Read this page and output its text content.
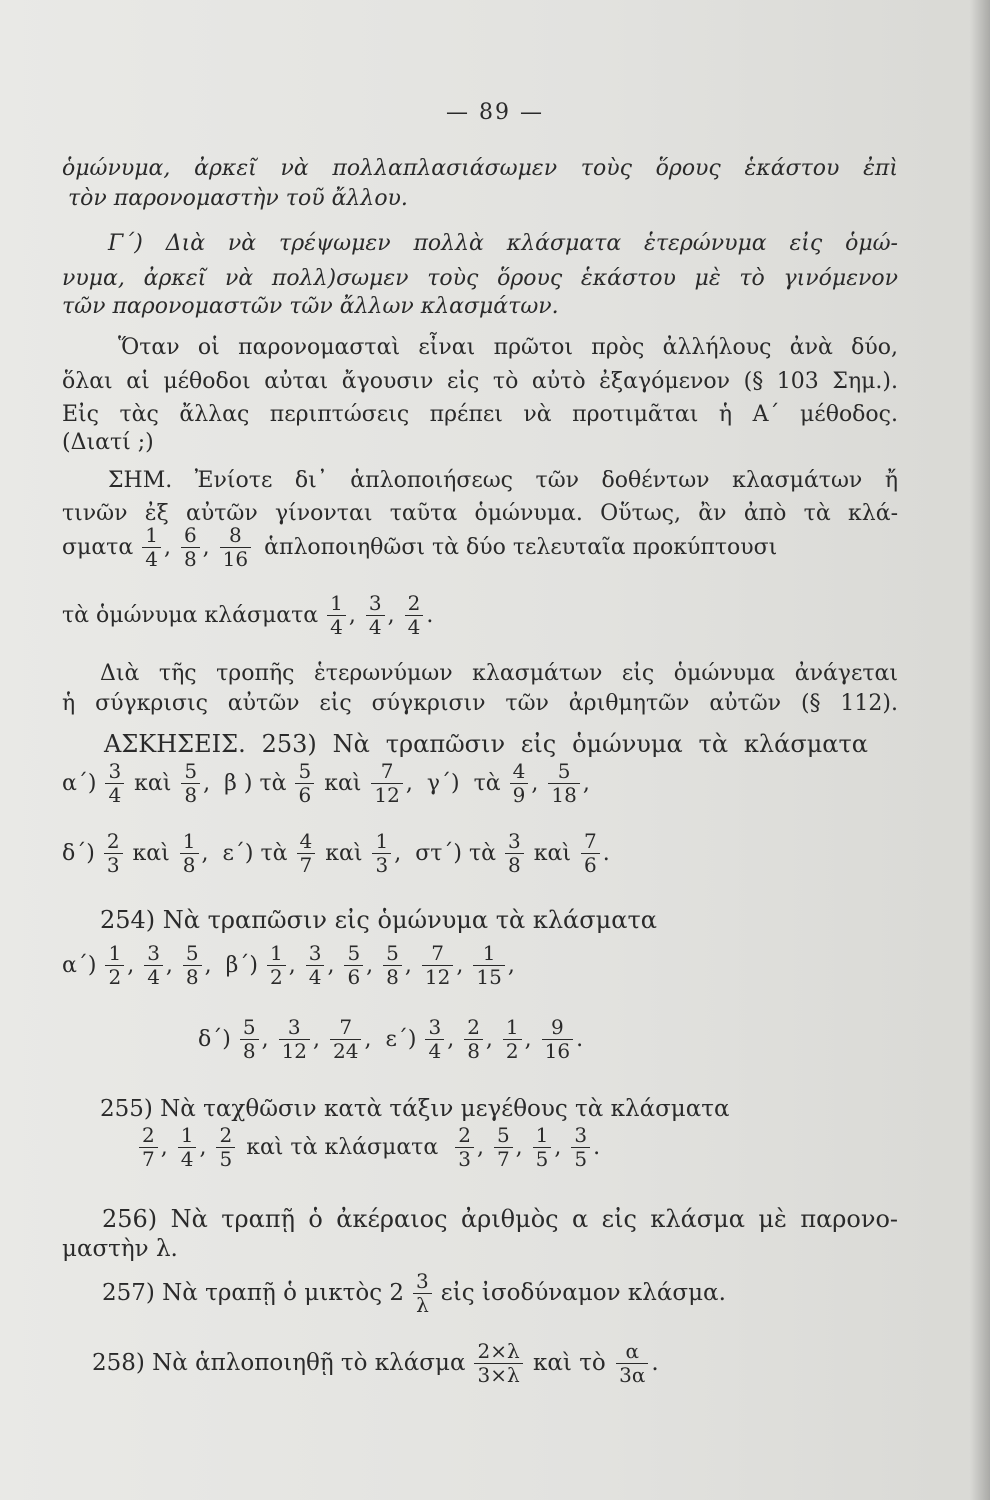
— 89 —
ὁμώνυμα, ἀρκεῖ νὰ πολλαπλασιάσωμεν τοὺς ὅρους ἑκάστου ἐπὶ
τὸν παρονομαστὴν τοῦ ἄλλου.
Γ΄) Διὰ νὰ τρέψωμεν πολλὰ κλάσματα ἑτερώνυμα εἰς ὁμώ-
νυμα, ἀρκεῖ νὰ πολλ)σωμεν τοὺς ὅρους ἑκάστου μὲ τὸ γινόμενον
τῶν παρονομαστῶν τῶν ἄλλων κλασμάτων.
Ὅταν οἱ παρονομασταὶ εἶναι πρῶτοι πρὸς ἀλλήλους ἀνὰ δύο,
ὅλαι αἱ μέθοδοι αὐται ἄγουσιν εἰς τὸ αὐτὸ ἐξαγόμενον (§ 103 Σημ.).
Εἰς τὰς ἄλλας περιπτώσεις πρέπει νὰ προτιμᾶται ἡ Α΄ μέθοδος.
(Διατί ;)
ΣΗΜ. Ἐνίοτε δι᾽ ἁπλοποιήσεως τῶν δοθέντων κλασμάτων ἤ
τινῶν ἐξ αὐτῶν γίνονται ταῦτα ὁμώνυμα. Οὕτως, ἂν ἀπὸ τὰ κλά-
σματα $\frac{1}{4}$ , $\frac{6}{8}$ , $\frac{8}{16}$ ἁπλοποιηθῶσι τὰ δύο τελευταῖα προκύπτουσι
τὰ ὁμώνυμα κλάσματα $\frac{1}{4}$ , $\frac{3}{4}$ , $\frac{2}{4}$ .
Διὰ τῆς τροπῆς ἑτερωνύμων κλασμάτων εἰς ὁμώνυμα ἀνάγεται
ἡ σύγκρισις αὐτῶν εἰς σύγκρισιν τῶν ἀριθμητῶν αὐτῶν (§ 112).
ΑΣΚΗΣΕΙΣ. 253) Νὰ τραπῶσιν εἰς ὁμώνυμα τὰ κλάσματα
$\alpha΄) \frac{3}{4}$ καὶ $\frac{5}{8}$ , β )
τὰ $\frac{5}{6}$ καὶ $\frac{7}{12}$ , γ΄)
τὰ $\frac{4}{9}$ , $\frac{5}{18}$ ,
$\delta΄) \frac{2}{3}$ καὶ $\frac{1}{8}$ , ε΄)
τὰ $\frac{4}{7}$ καὶ $\frac{1}{3}$ , στ΄)
τὰ $\frac{3}{8}$ καὶ $\frac{7}{6}$ .
254) Νὰ τραπῶσιν εἰς ὁμώνυμα τὰ κλάσματα
$\alpha΄) \frac{1}{2}$ , $\frac{3}{4}$ , $\frac{5}{8}$ , $\beta΄) \frac{1}{2}$ , $\frac{3}{4}$ , $\frac{5}{6}$ , $\frac{5}{8}$ , $\frac{7}{12}$ , $\frac{1}{15}$ ,
$\delta΄) \frac{5}{8}$ , $\frac{3}{12}$ , $\frac{7}{24}$ , $\varepsilon΄) \frac{3}{4}$ , $\frac{2}{8}$ , $\frac{1}{2}$ , $\frac{9}{16}$ .
255) Νὰ ταχθῶσιν κατὰ τάξιν μεγέθους τὰ κλάσματα
$\frac{2}{7}$ , $\frac{1}{4}$ , $\frac{2}{5}$ καὶ τὰ κλάσματα $\frac{2}{3}$ , $\frac{5}{7}$ , $\frac{1}{5}$ , $\frac{3}{5}$ .
256) Νὰ τραπῇ ὁ ἀκέραιος ἀριθμὸς α εἰς κλάσμα μὲ παρονο-
μαστὴν λ.
257) Νὰ τραπῇ ὁ μικτὸς $2 \frac{3}{\lambda}$ εἰς ἰσοδύναμον κλάσμα.
258) Νὰ ἁπλοποιηθῇ τὸ κλάσμα $\frac{2\times\lambda}{3\times\lambda}$ καὶ τὸ $\frac{\alpha}{3\alpha}$ .
